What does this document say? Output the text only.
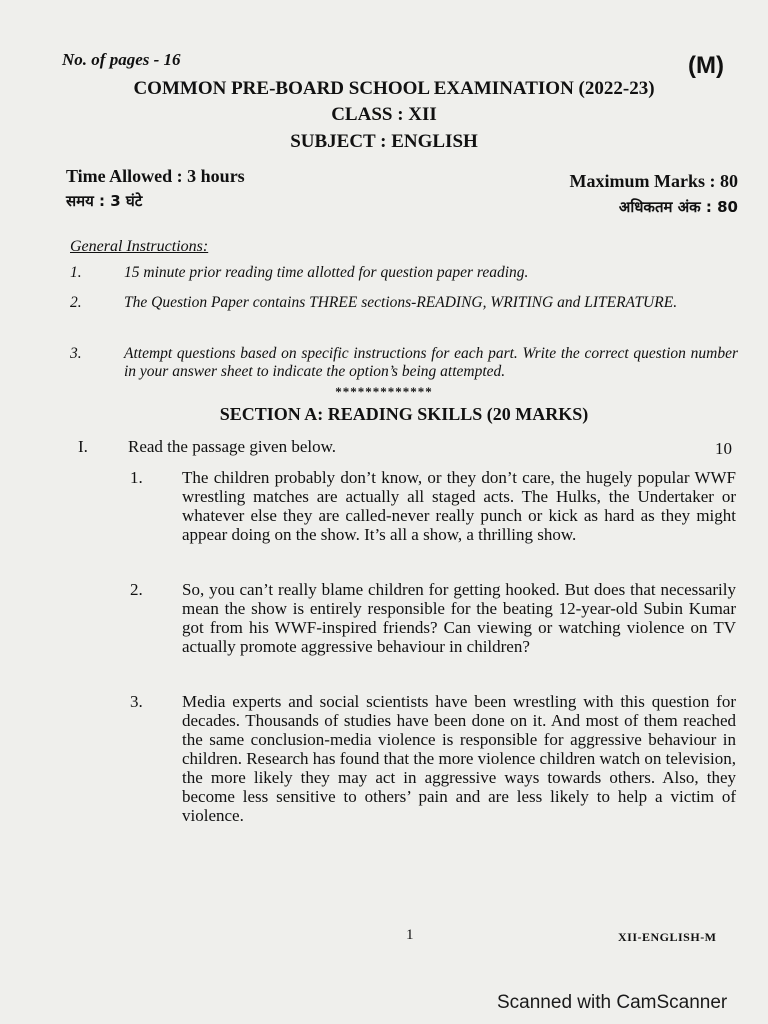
No. of pages - 16	(M)
COMMON PRE-BOARD SCHOOL EXAMINATION (2022-23)
CLASS : XII
SUBJECT : ENGLISH
Time Allowed : 3 hours
समय : 3 घंटे
Maximum Marks : 80
अधिकतम अंक : 80
General Instructions:
1.	15 minute prior reading time allotted for question paper reading.
2.	The Question Paper contains THREE sections-READING, WRITING and LITERATURE.
3.	Attempt questions based on specific instructions for each part. Write the correct question number in your answer sheet to indicate the option’s being attempted.
*************
SECTION A: READING SKILLS (20 MARKS)
I. Read the passage given below.	10
1. The children probably don’t know, or they don’t care, the hugely popular WWF wrestling matches are actually all staged acts. The Hulks, the Undertaker or whatever else they are called-never really punch or kick as hard as they might appear doing on the show. It’s all a show, a thrilling show.
2. So, you can’t really blame children for getting hooked. But does that necessarily mean the show is entirely responsible for the beating 12-year-old Subin Kumar got from his WWF-inspired friends? Can viewing or watching violence on TV actually promote aggressive behaviour in children?
3. Media experts and social scientists have been wrestling with this question for decades. Thousands of studies have been done on it. And most of them reached the same conclusion-media violence is responsible for aggressive behaviour in children. Research has found that the more violence children watch on television, the more likely they may act in aggressive ways towards others. Also, they become less sensitive to others’ pain and are less likely to help a victim of violence.
1	XII-ENGLISH-M
Scanned with CamScanner
